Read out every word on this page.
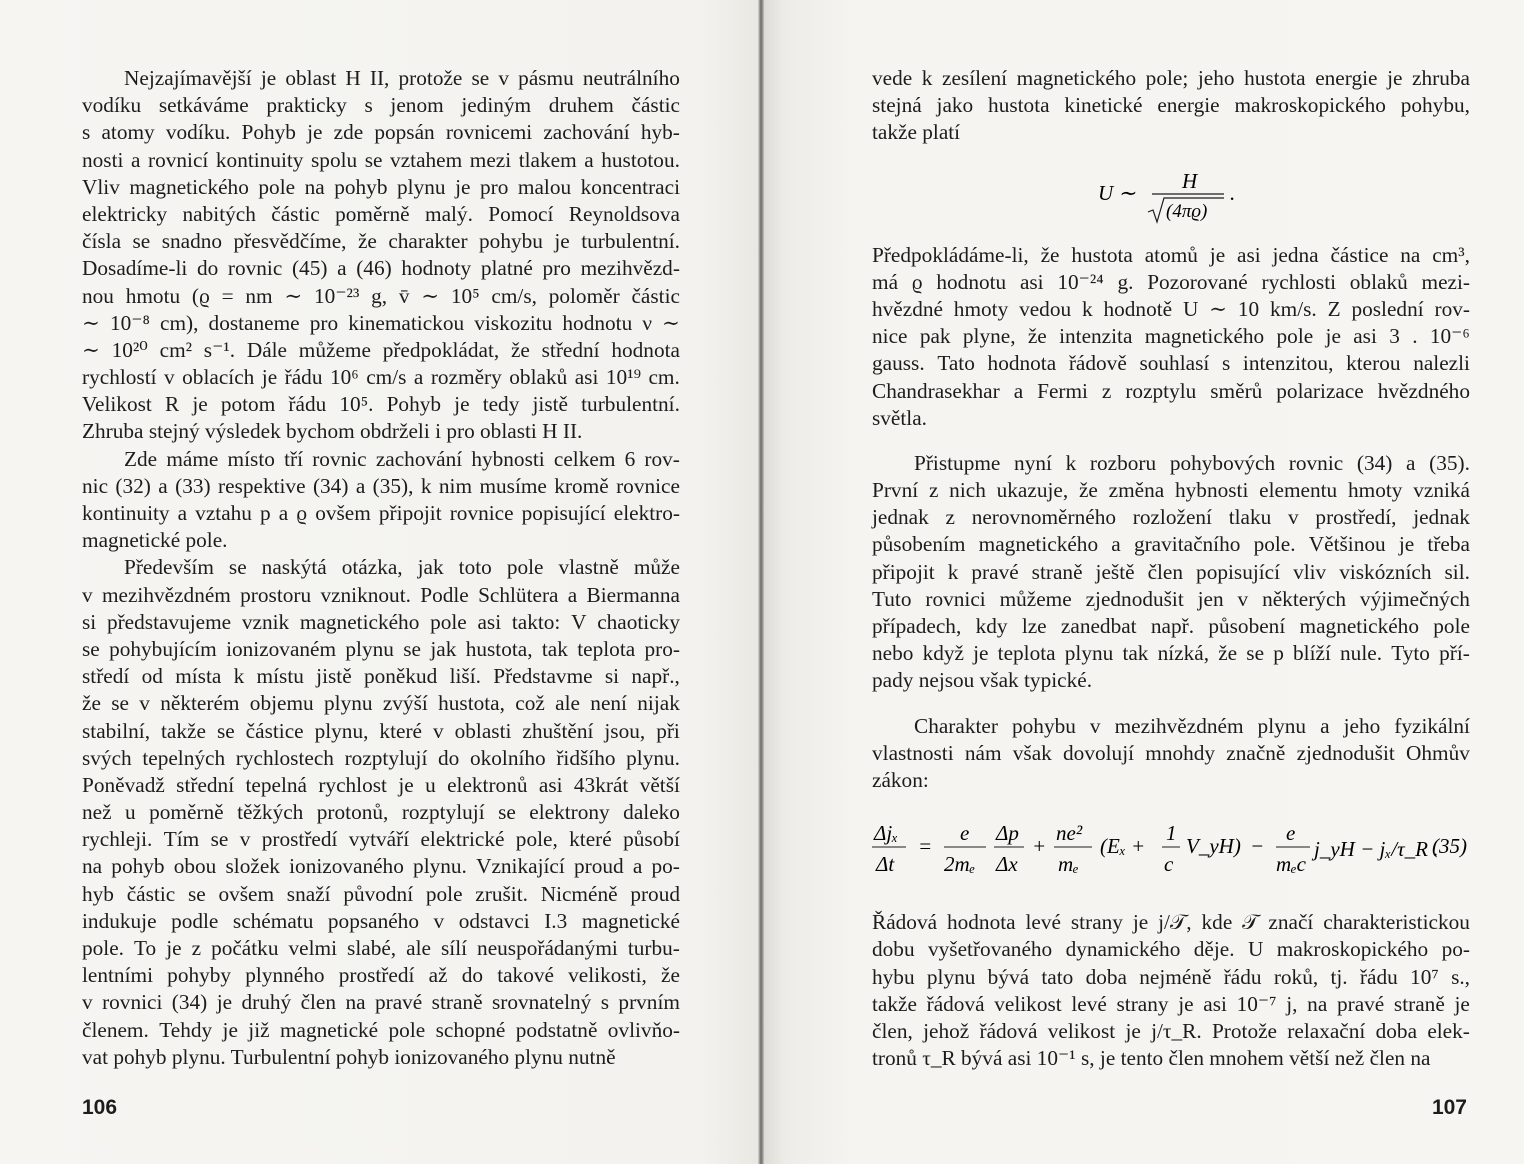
Nejzajímavější je oblast H II, protože se v pásmu neutrálního
vodíku setkáváme prakticky s jenom jediným druhem částic
s atomy vodíku. Pohyb je zde popsán rovnicemi zachování hyb-
nosti a rovnicí kontinuity spolu se vztahem mezi tlakem a hustotou.
Vliv magnetického pole na pohyb plynu je pro malou koncentraci
elektricky nabitých částic poměrně malý. Pomocí Reynoldsova
čísla se snadno přesvědčíme, že charakter pohybu je turbulentní.
Dosadíme-li do rovnic (45) a (46) hodnoty platné pro mezihvězd-
nou hmotu (ϱ = nm ∼ 10⁻²³ g, v̄ ∼ 10⁵ cm/s, poloměr částic
∼ 10⁻⁸ cm), dostaneme pro kinematickou viskozitu hodnotu ν ∼
∼ 10²⁰ cm² s⁻¹. Dále můžeme předpokládat, že střední hodnota
rychlostí v oblacích je řádu 10⁶ cm/s a rozměry oblaků asi 10¹⁹ cm.
Velikost R je potom řádu 10⁵. Pohyb je tedy jistě turbulentní.
Zhruba stejný výsledek bychom obdrželi i pro oblasti H II.
Zde máme místo tří rovnic zachování hybnosti celkem 6 rov-
nic (32) a (33) respektive (34) a (35), k nim musíme kromě rovnice
kontinuity a vztahu p a ϱ ovšem připojit rovnice popisující elektro-
magnetické pole.
Především se naskýtá otázka, jak toto pole vlastně může
v mezihvězdném prostoru vzniknout. Podle Schlütera a Biermanna
si představujeme vznik magnetického pole asi takto: V chaoticky
se pohybujícím ionizovaném plynu se jak hustota, tak teplota pro-
středí od místa k místu jistě poněkud liší. Představme si např.,
že se v některém objemu plynu zvýší hustota, což ale není nijak
stabilní, takže se částice plynu, které v oblasti zhuštění jsou, při
svých tepelných rychlostech rozptylují do okolního řidšího plynu.
Poněvadž střední tepelná rychlost je u elektronů asi 43krát větší
než u poměrně těžkých protonů, rozptylují se elektrony daleko
rychleji. Tím se v prostředí vytváří elektrické pole, které působí
na pohyb obou složek ionizovaného plynu. Vznikající proud a po-
hyb částic se ovšem snaží původní pole zrušit. Nicméně proud
indukuje podle schématu popsaného v odstavci I.3 magnetické
pole. To je z počátku velmi slabé, ale sílí neuspořádanými turbu-
lentními pohyby plynného prostředí až do takové velikosti, že
v rovnici (34) je druhý člen na pravé straně srovnatelný s prvním
členem. Tehdy je již magnetické pole schopné podstatně ovlivňo-
vat pohyb plynu. Turbulentní pohyb ionizovaného plynu nutně
106
vede k zesílení magnetického pole; jeho hustota energie je zhruba
stejná jako hustota kinetické energie makroskopického pohybu,
takže platí
Předpokládáme-li, že hustota atomů je asi jedna částice na cm³,
má ϱ hodnotu asi 10⁻²⁴ g. Pozorované rychlosti oblaků mezi-
hvězdné hmoty vedou k hodnotě U ∼ 10 km/s. Z poslední rov-
nice pak plyne, že intenzita magnetického pole je asi 3 . 10⁻⁶
gauss. Tato hodnota řádově souhlasí s intenzitou, kterou nalezli
Chandrasekhar a Fermi z rozptylu směrů polarizace hvězdného
světla.
Přistupme nyní k rozboru pohybových rovnic (34) a (35).
První z nich ukazuje, že změna hybnosti elementu hmoty vzniká
jednak z nerovnoměrného rozložení tlaku v prostředí, jednak
působením magnetického a gravitačního pole. Většinou je třeba
připojit k pravé straně ještě člen popisující vliv viskózních sil.
Tuto rovnici můžeme zjednodušit jen v některých výjimečných
případech, kdy lze zanedbat např. působení magnetického pole
nebo když je teplota plynu tak nízká, že se p blíží nule. Tyto pří-
pady nejsou však typické.
Charakter pohybu v mezihvězdném plynu a jeho fyzikální
vlastnosti nám však dovolují mnohdy značně zjednodušit Ohmův
zákon:
Řádová hodnota levé strany je j/𝒯, kde 𝒯 značí charakteristickou
dobu vyšetřovaného dynamického děje. U makroskopického po-
hybu plynu bývá tato doba nejméně řádu roků, tj. řádu 10⁷ s.,
takže řádová velikost levé strany je asi 10⁻⁷ j, na pravé straně je
člen, jehož řádová velikost je j/τ_R. Protože relaxační doba elek-
tronů τ_R bývá asi 10⁻¹ s, je tento člen mnohem větší než člen na
U ∼ H
(4πϱ)
.
Δjₓ
Δt
=
e
2mₑ
Δp
Δx
+
ne²
mₑ
(Eₓ +
1
c
V_yH) −
e
mₑc
j_yH − jₓ/τ_R .
(35)
107
